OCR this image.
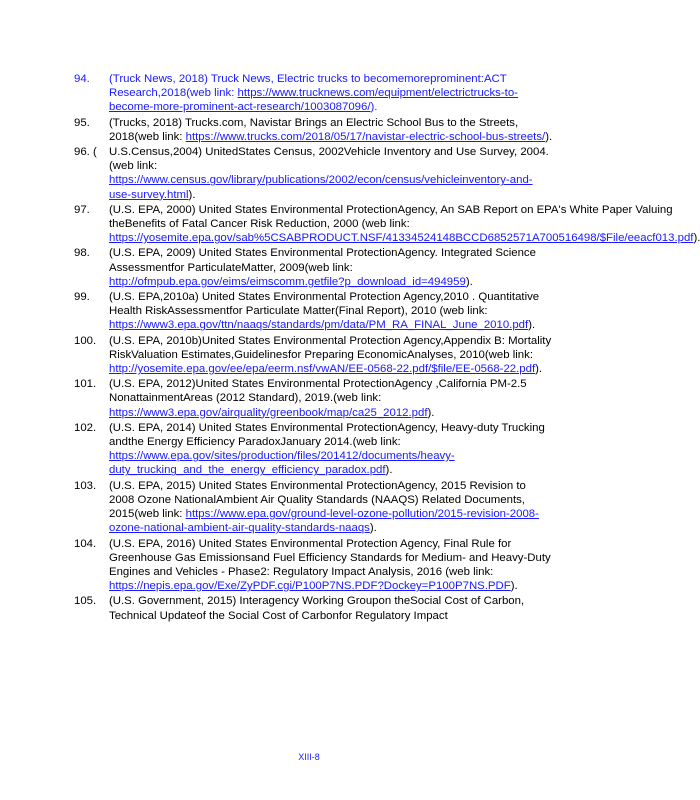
94.	(Truck News, 2018) Truck News, Electric trucks to becomemoreprominent:ACT Research,2018(web link: https://www.trucknews.com/equipment/electrictrucks-to-become-more-prominent-act-research/1003087096/).
95.	(Trucks, 2018) Trucks.com, Navistar Brings an Electric School Bus to the Streets, 2018(web link: https://www.trucks.com/2018/05/17/navistar-electric-school-bus-streets/).
96. (	U.S.Census,2004) UnitedStates Census, 2002Vehicle Inventory and Use Survey, 2004.(web link: https://www.census.gov/library/publications/2002/econ/census/vehicleinventory-and-use-survey.html).
97.	(U.S. EPA, 2000) United States Environmental ProtectionAgency, An SAB Report on EPA's White Paper Valuing theBenefits of Fatal Cancer Risk Reduction, 2000 (web link: https://yosemite.epa.gov/sab%5CSABPRODUCT.NSF/41334524148BCCD6852571A700516498/$File/eeacf013.pdf).
98.	(U.S. EPA, 2009) United States Environmental ProtectionAgency. Integrated Science Assessmentfor ParticulateMatter, 2009(web link: http://ofmpub.epa.gov/eims/eimscomm.getfile?p_download_id=494959).
99.	(U.S. EPA,2010a) United States Environmental Protection Agency,2010 . Quantitative Health RiskAssessmentfor Particulate Matter(Final Report), 2010 (web link: https://www3.epa.gov/ttn/naaqs/standards/pm/data/PM_RA_FINAL_June_2010.pdf).
100.	(U.S. EPA, 2010b)United States Environmental Protection Agency,Appendix B: Mortality RiskValuation Estimates,Guidelinesfor Preparing EconomicAnalyses, 2010(web link: http://yosemite.epa.gov/ee/epa/eerm.nsf/vwAN/EE-0568-22.pdf/$file/EE-0568-22.pdf).
101.	(U.S. EPA, 2012)United States Environmental ProtectionAgency ,California PM-2.5 NonattainmentAreas (2012 Standard), 2019.(web link: https://www3.epa.gov/airquality/greenbook/map/ca25_2012.pdf).
102.	(U.S. EPA, 2014) United States Environmental ProtectionAgency, Heavy-duty Trucking andthe Energy Efficiency ParadoxJanuary 2014.(web link: https://www.epa.gov/sites/production/files/201412/documents/heavy-duty_trucking_and_the_energy_efficiency_paradox.pdf).
103.	(U.S. EPA, 2015) United States Environmental ProtectionAgency, 2015 Revision to 2008 Ozone NationalAmbient Air Quality Standards (NAAQS) Related Documents, 2015(web link: https://www.epa.gov/ground-level-ozone-pollution/2015-revision-2008-ozone-national-ambient-air-quality-standards-naaqs).
104.	(U.S. EPA, 2016) United States Environmental Protection Agency, Final Rule for Greenhouse Gas Emissionsand Fuel Efficiency Standards for Medium- and Heavy-Duty Engines and Vehicles - Phase2: Regulatory Impact Analysis, 2016 (web link: https://nepis.epa.gov/Exe/ZyPDF.cgi/P100P7NS.PDF?Dockey=P100P7NS.PDF).
105.	(U.S. Government, 2015) Interagency Working Groupon theSocial Cost of Carbon, Technical Updateof the Social Cost of Carbonfor Regulatory Impact
XIII-8
